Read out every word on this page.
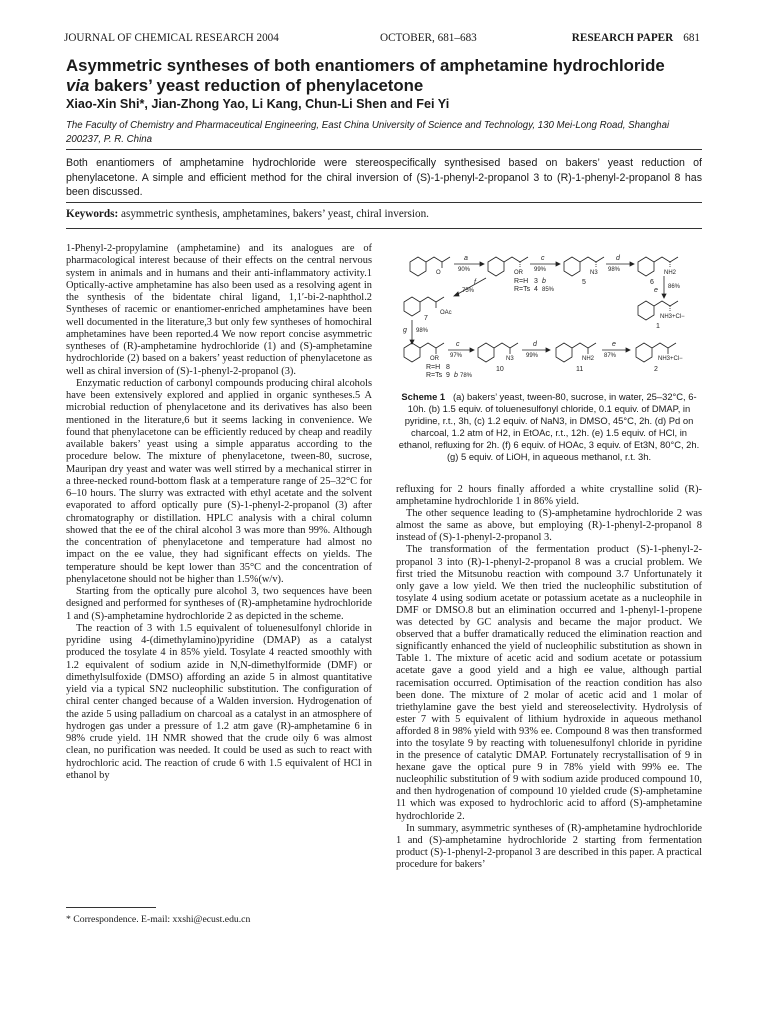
JOURNAL OF CHEMICAL RESEARCH 2004	OCTOBER, 681–683	RESEARCH PAPER 681
Asymmetric syntheses of both enantiomers of amphetamine hydrochloride
via bakers’ yeast reduction of phenylacetone
Xiao-Xin Shi*, Jian-Zhong Yao, Li Kang, Chun-Li Shen and Fei Yi
The Faculty of Chemistry and Pharmaceutical Engineering, East China University of Science and Technology, 130 Mei-Long Road, Shanghai 200237, P. R. China
Both enantiomers of amphetamine hydrochloride were stereospecifically synthesised based on bakers’ yeast reduction of phenylacetone. A simple and efficient method for the chiral inversion of (S)-1-phenyl-2-propanol 3 to (R)-1-phenyl-2-propanol 8 has been discussed.
Keywords: asymmetric synthesis, amphetamines, bakers’ yeast, chiral inversion.

1-Phenyl-2-propylamine (amphetamine) and its analogues are of pharmacological interest because of their effects on the central nervous system in animals and in humans and their anti-inflammatory activity.1 Optically-active amphetamine has also been used as a resolving agent in the synthesis of the bidentate chiral ligand, 1,1′-bi-2-naphthol.2 Syntheses of racemic or enantiomer-enriched amphetamines have been well documented in the literature,3 but only few syntheses of homochiral amphetamines have been reported.4 We now report concise asymmetric syntheses of (R)-amphetamine hydrochloride (1) and (S)-amphetamine hydrochloride (2) based on a bakers’ yeast reduction of phenylacetone as well as chiral inversion of (S)-1-phenyl-2-propanol (3).

Enzymatic reduction of carbonyl compounds producing chiral alcohols have been extensively explored and applied in organic syntheses.5 A microbial reduction of phenylacetone and its derivatives has also been mentioned in the literature,6 but it seems lacking in convenience. We found that phenylacetone can be efficiently reduced by cheap and readily available bakers’ yeast using a simple apparatus according to the procedure below. The mixture of phenylacetone, tween-80, sucrose, Mauripan dry yeast and water was well stirred by a mechanical stirrer in a three-necked round-bottom flask at a temperature range of 25–32°C for 6–10 hours. The slurry was extracted with ethyl acetate and the solvent evaporated to afford optically pure (S)-1-phenyl-2-propanol (3) after chromatography or distillation. HPLC analysis with a chiral column showed that the ee of the chiral alcohol 3 was more than 99%. Although the concentration of phenylacetone and temperature had almost no impact on the ee value, they had significant effects on yields. The temperature should be kept lower than 35°C and the concentration of phenylacetone should not be higher than 1.5%(w/v).

Starting from the optically pure alcohol 3, two sequences have been designed and performed for syntheses of (R)-amphetamine hydrochloride 1 and (S)-amphetamine hydrochloride 2 as depicted in the scheme.

The reaction of 3 with 1.5 equivalent of toluenesulfonyl chloride in pyridine using 4-(dimethylamino)pyridine (DMAP) as a catalyst produced the tosylate 4 in 85% yield. Tosylate 4 reacted smoothly with 1.2 equivalent of sodium azide in N,N-dimethylformide (DMF) or dimethylsulfoxide (DMSO) affording an azide 5 in almost quantitative yield via a typical SN2 nucleophilic substitution. The configuration of chiral center changed because of a Walden inversion. Hydrogenation of the azide 5 using palladium on charcoal as a catalyst in an atmosphere of hydrogen gas under a pressure of 1.2 atm gave (R)-amphetamine 6 in 98% crude yield. 1H NMR showed that the crude oily 6 was almost clean, no purification was needed. It could be used as such to react with hydrochloric acid. The reaction of crude 6 with 1.5 equivalent of HCl in ethanol by

a
90%
O
c
99%
OR
R=H
R=Ts
3
4
b
85%
N3
5
d
98%	NH2
6
e 86%
NH3+Cl−
1
f
75%
OAc
7
g 98%
c
97%
OR
R=H
R=Ts
8
9 b 78%
N3
10
d
99%	NH2
11
e
87%	NH3+Cl−
2
Scheme 1 (a) bakers’ yeast, tween-80, sucrose, in water, 25–32°C, 6-10h. (b) 1.5 equiv. of toluenesulfonyl chloride, 0.1 equiv. of DMAP, in pyridine, r.t., 3h, (c) 1.2 equiv. of NaN3, in DMSO, 45°C, 2h. (d) Pd on charcoal, 1.2 atm of H2, in EtOAc, r.t., 12h. (e) 1.5 equiv. of HCl, in ethanol, refluxing for 2h. (f) 6 equiv. of HOAc, 3 equiv. of Et3N, 80°C, 2h. (g) 5 equiv. of LiOH, in aqueous methanol, r.t. 3h.

refluxing for 2 hours finally afforded a white crystalline solid (R)-amphetamine hydrochloride 1 in 86% yield.

The other sequence leading to (S)-amphetamine hydrochloride 2 was almost the same as above, but employing (R)-1-phenyl-2-propanol 8 instead of (S)-1-phenyl-2-propanol 3.

The transformation of the fermentation product (S)-1-phenyl-2-propanol 3 into (R)-1-phenyl-2-propanol 8 was a crucial problem. We first tried the Mitsunobu reaction with compound 3.7 Unfortunately it only gave a low yield. We then tried the nucleophilic substitution of tosylate 4 using sodium acetate or potassium acetate as a nucleophile in DMF or DMSO.8 but an elimination occurred and 1-phenyl-1-propene was detected by GC analysis and became the major product. We observed that a buffer dramatically reduced the elimination reaction and significantly enhanced the yield of nucleophilic substitution as shown in Table 1. The mixture of acetic acid and sodium acetate or potassium acetate gave a good yield and a high ee value, although partial racemisation occurred. Optimisation of the reaction condition has also been done. The mixture of 2 molar of acetic acid and 1 molar of triethylamine gave the best yield and stereoselectivity. Hydrolysis of ester 7 with 5 equivalent of lithium hydroxide in aqueous methanol afforded 8 in 98% yield with 93% ee. Compound 8 was then transformed into the tosylate 9 by reacting with toluenesulfonyl chloride in pyridine in the presence of catalytic DMAP. Fortunately recrystallisation of 9 in hexane gave the optical pure 9 in 78% yield with 99% ee. The nucleophilic substitution of 9 with sodium azide produced compound 10, and then hydrogenation of compound 10 yielded crude (S)-amphetamine 11 which was exposed to hydrochloric acid to afford (S)-amphetamine hydrochloride 2.

In summary, asymmetric syntheses of (R)-amphetamine hydrochloride 1 and (S)-amphetamine hydrochloride 2 starting from fermentation product (S)-1-phenyl-2-propanol 3 are described in this paper. A practical procedure for bakers’

* Correspondence. E-mail: xxshi@ecust.edu.cn
